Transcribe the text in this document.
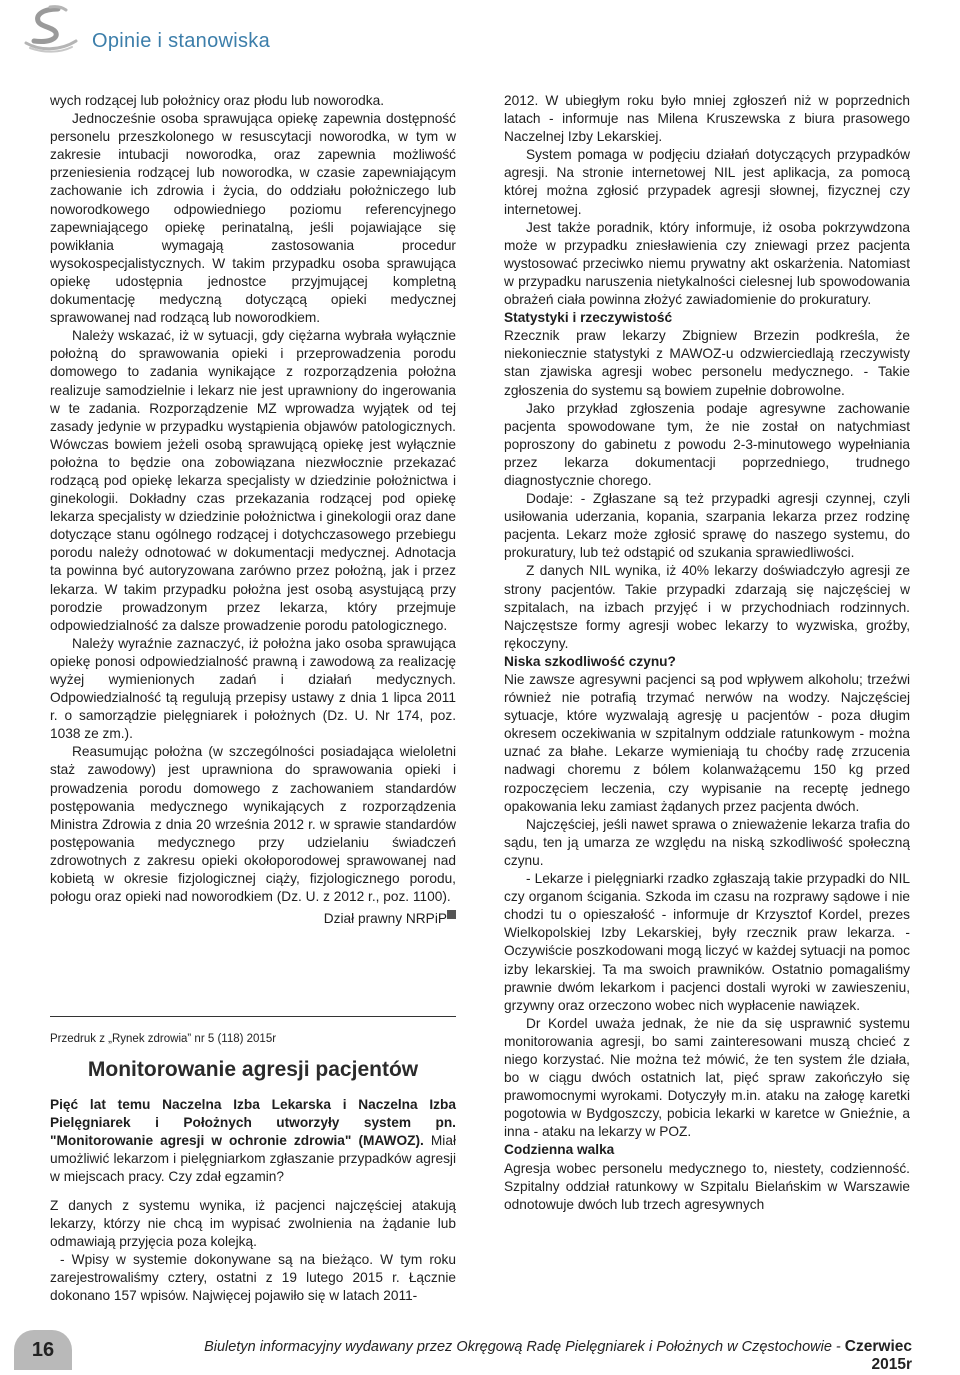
Opinie i stanowiska

wych rodzącej lub położnicy oraz płodu lub noworodka.

Jednocześnie osoba sprawująca opiekę zapewnia dostępność personelu przeszkolonego w resuscytacji noworodka, w tym w zakresie intubacji noworodka, oraz zapewnia możliwość przeniesienia rodzącej lub noworodka, w czasie zapewniającym zachowanie ich zdrowia i życia, do oddziału położniczego lub noworodkowego odpowiedniego poziomu referencyjnego zapewniającego opiekę perinatalną, jeśli pojawiające się powikłania wymagają zastosowania procedur wysokospecjalistycznych. W takim przypadku osoba sprawująca opiekę udostępnia jednostce przyjmującej kompletną dokumentację medyczną dotyczącą opieki medycznej sprawowanej nad rodzącą lub noworodkiem.

Należy wskazać, iż w sytuacji, gdy ciężarna wybrała wyłącznie położną do sprawowania opieki i przeprowadzenia porodu domowego to zadania wynikające z rozporządzenia położna realizuje samodzielnie i lekarz nie jest uprawniony do ingerowania w te zadania. Rozporządzenie MZ wprowadza wyjątek od tej zasady jedynie w przypadku wystąpienia objawów patologicznych. Wówczas bowiem jeżeli osobą sprawującą opiekę jest wyłącznie położna to będzie ona zobowiązana niezwłocznie przekazać rodzącą pod opiekę lekarza specjalisty w dziedzinie położnictwa i ginekologii. Dokładny czas przekazania rodzącej pod opiekę lekarza specjalisty w dziedzinie położnictwa i ginekologii oraz dane dotyczące stanu ogólnego rodzącej i dotychczasowego przebiegu porodu należy odnotować w dokumentacji medycznej. Adnotacja ta powinna być autoryzowana zarówno przez położną, jak i przez lekarza. W takim przypadku położna jest osobą asystującą przy porodzie prowadzonym przez lekarza, który przejmuje odpowiedzialność za dalsze prowadzenie porodu patologicznego.

Należy wyraźnie zaznaczyć, iż położna jako osoba sprawująca opiekę ponosi odpowiedzialność prawną i zawodową za realizację wyżej wymienionych zadań i działań medycznych. Odpowiedzialność tą regulują przepisy ustawy z dnia 1 lipca 2011 r. o samorządzie pielęgniarek i położnych (Dz. U. Nr 174, poz. 1038 ze zm.).

Reasumując położna (w szczególności posiadająca wieloletni staż zawodowy) jest uprawniona do sprawowania opieki i prowadzenia porodu domowego z zachowaniem standardów postępowania medycznego wynikających z rozporządzenia Ministra Zdrowia z dnia 20 września 2012 r. w sprawie standardów postępowania medycznego przy udzielaniu świadczeń zdrowotnych z zakresu opieki okołoporodowej sprawowanej nad kobietą w okresie fizjologicznej ciąży, fizjologicznego porodu, połogu oraz opieki nad noworodkiem (Dz. U. z 2012 r., poz. 1100).

Dział prawny NRPiP
Przedruk z „Rynek zdrowia” nr 5 (118) 2015r
Monitorowanie agresji pacjentów
Pięć lat temu Naczelna Izba Lekarska i Naczelna Izba Pielęgniarek i Położnych utworzyły system pn. "Monitorowanie agresji w ochronie zdrowia" (MAWOZ). Miał umożliwić lekarzom i pielęgniarkom zgłaszanie przypadków agresji w miejscach pracy. Czy zdał egzamin?

Z danych z systemu wynika, iż pacjenci najczęściej atakują lekarzy, którzy nie chcą im wypisać zwolnienia na żądanie lub odmawiają przyjęcia poza kolejką.

- Wpisy w systemie dokonywane są na bieżąco. W tym roku zarejestrowaliśmy cztery, ostatni z 19 lutego 2015 r. Łącznie dokonano 157 wpisów. Najwięcej pojawiło się w latach 2011-

2012. W ubiegłym roku było mniej zgłoszeń niż w poprzednich latach - informuje nas Milena Kruszewska z biura prasowego Naczelnej Izby Lekarskiej.

System pomaga w podjęciu działań dotyczących przypadków agresji. Na stronie internetowej NIL jest aplikacja, za pomocą której można zgłosić przypadek agresji słownej, fizycznej czy internetowej.

Jest także poradnik, który informuje, iż osoba pokrzywdzona może w przypadku zniesławienia czy zniewagi przez pacjenta wystosować przeciwko niemu prywatny akt oskarżenia. Natomiast w przypadku naruszenia nietykalności cielesnej lub spowodowania obrażeń ciała powinna złożyć zawiadomienie do prokuratury.

Statystyki i rzeczywistość

Rzecznik praw lekarzy Zbigniew Brzezin podkreśla, że niekoniecznie statystyki z MAWOZ-u odzwierciedlają rzeczywisty stan zjawiska agresji wobec personelu medycznego. - Takie zgłoszenia do systemu są bowiem zupełnie dobrowolne.

Jako przykład zgłoszenia podaje agresywne zachowanie pacjenta spowodowane tym, że nie został on natychmiast poproszony do gabinetu z powodu 2-3-minutowego wypełniania przez lekarza dokumentacji poprzedniego, trudnego diagnostycznie chorego.

Dodaje: - Zgłaszane są też przypadki agresji czynnej, czyli usiłowania uderzania, kopania, szarpania lekarza przez rodzinę pacjenta. Lekarz może zgłosić sprawę do naszego systemu, do prokuratury, lub też odstąpić od szukania sprawiedliwości.

Z danych NIL wynika, iż 40% lekarzy doświadczyło agresji ze strony pacjentów. Takie przypadki zdarzają się najczęściej w szpitalach, na izbach przyjęć i w przychodniach rodzinnych. Najczęstsze formy agresji wobec lekarzy to wyzwiska, groźby, rękoczyny.

Niska szkodliwość czynu?

Nie zawsze agresywni pacjenci są pod wpływem alkoholu; trzeźwi również nie potrafią trzymać nerwów na wodzy. Najczęściej sytuacje, które wyzwalają agresję u pacjentów - poza długim okresem oczekiwania w szpitalnym oddziale ratunkowym - można uznać za błahe. Lekarze wymieniają tu choćby radę zrzucenia nadwagi choremu z bólem kolanważącemu 150 kg przed rozpoczęciem leczenia, czy wypisanie na receptę jednego opakowania leku zamiast żądanych przez pacjenta dwóch.

Najczęściej, jeśli nawet sprawa o znieważenie lekarza trafia do sądu, ten ją umarza ze względu na niską szkodliwość społeczną czynu.

- Lekarze i pielęgniarki rzadko zgłaszają takie przypadki do NIL czy organom ścigania. Szkoda im czasu na rozprawy sądowe i nie chodzi tu o opieszałość - informuje dr Krzysztof Kordel, prezes Wielkopolskiej Izby Lekarskiej, były rzecznik praw lekarza. - Oczywiście poszkodowani mogą liczyć w każdej sytuacji na pomoc izby lekarskiej. Ta ma swoich prawników. Ostatnio pomagaliśmy prawnie dwóm lekarkom i pacjenci dostali wyroki w zawieszeniu, grzywny oraz orzeczono wobec nich wypłacenie nawiązek.

Dr Kordel uważa jednak, że nie da się usprawnić systemu monitorowania agresji, bo sami zainteresowani muszą chcieć z niego korzystać. Nie można też mówić, że ten system źle działa, bo w ciągu dwóch ostatnich lat, pięć spraw zakończyło się prawomocnymi wyrokami. Dotyczyły m.in. ataku na załogę karetki pogotowia w Bydgoszczy, pobicia lekarki w karetce w Gnieźnie, a inna - ataku na lekarzy w POZ.

Codzienna walka

Agresja wobec personelu medycznego to, niestety, codzienność. Szpitalny oddział ratunkowy w Szpitalu Bielańskim w Warszawie odnotowuje dwóch lub trzech agresywnych

16	Biuletyn informacyjny wydawany przez Okręgową Radę Pielęgniarek i Położnych w Częstochowie - Czerwiec 2015r
